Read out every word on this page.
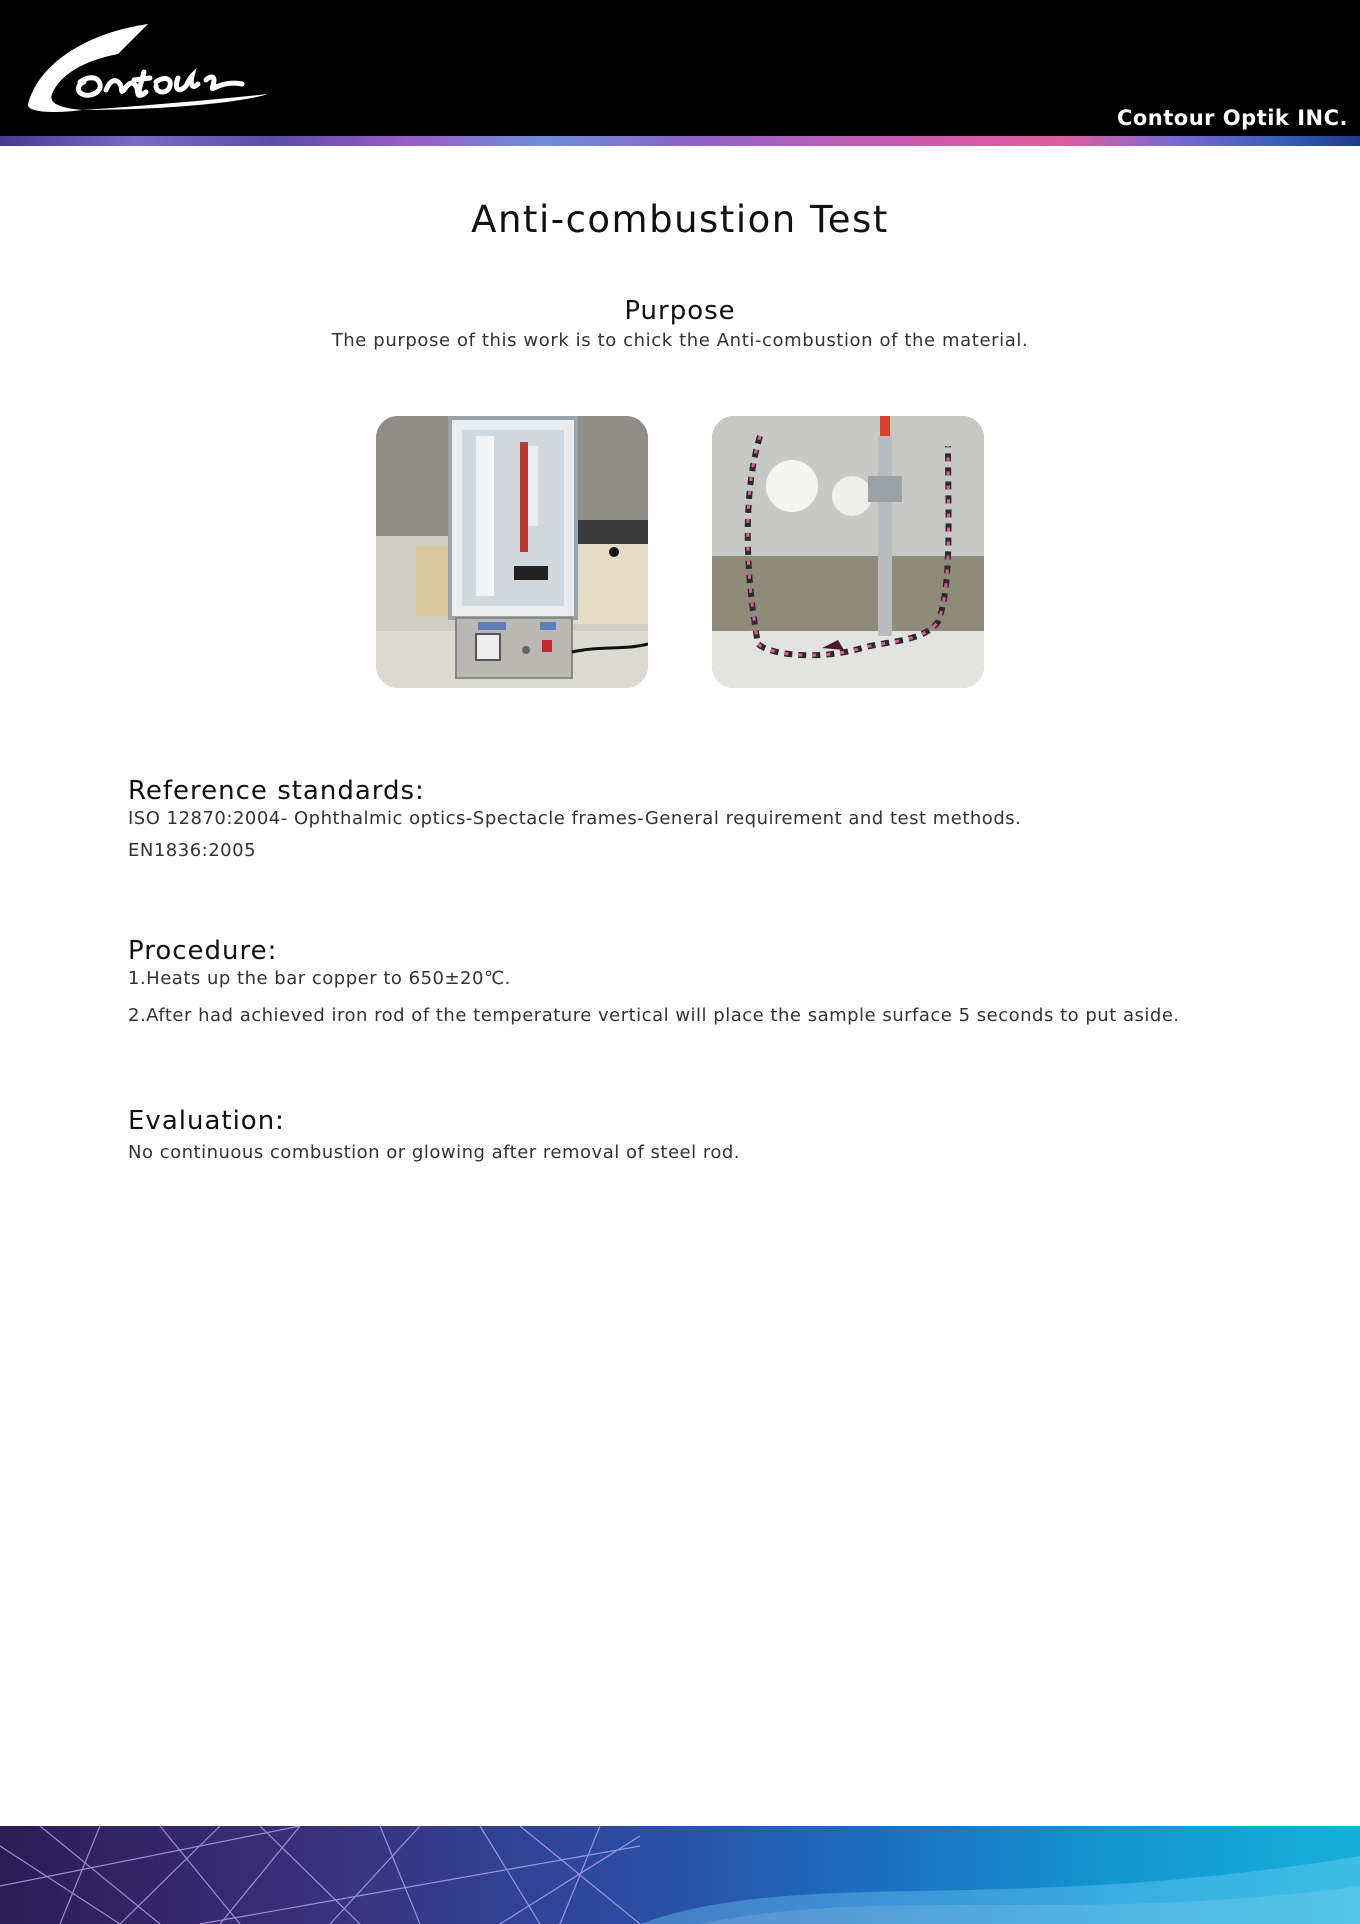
Contour
Contour Optik INC.
Anti-combustion Test
Purpose
The purpose of this work is to chick the Anti-combustion of the material.
Reference standards:
ISO 12870:2004- Ophthalmic optics-Spectacle frames-General requirement and test methods.
EN1836:2005
Procedure:
1.Heats up the bar copper to 650±20℃.
2.After had achieved iron rod of the temperature vertical will place the sample surface 5 seconds to put aside.
Evaluation:
No continuous combustion or glowing after removal of steel rod.
